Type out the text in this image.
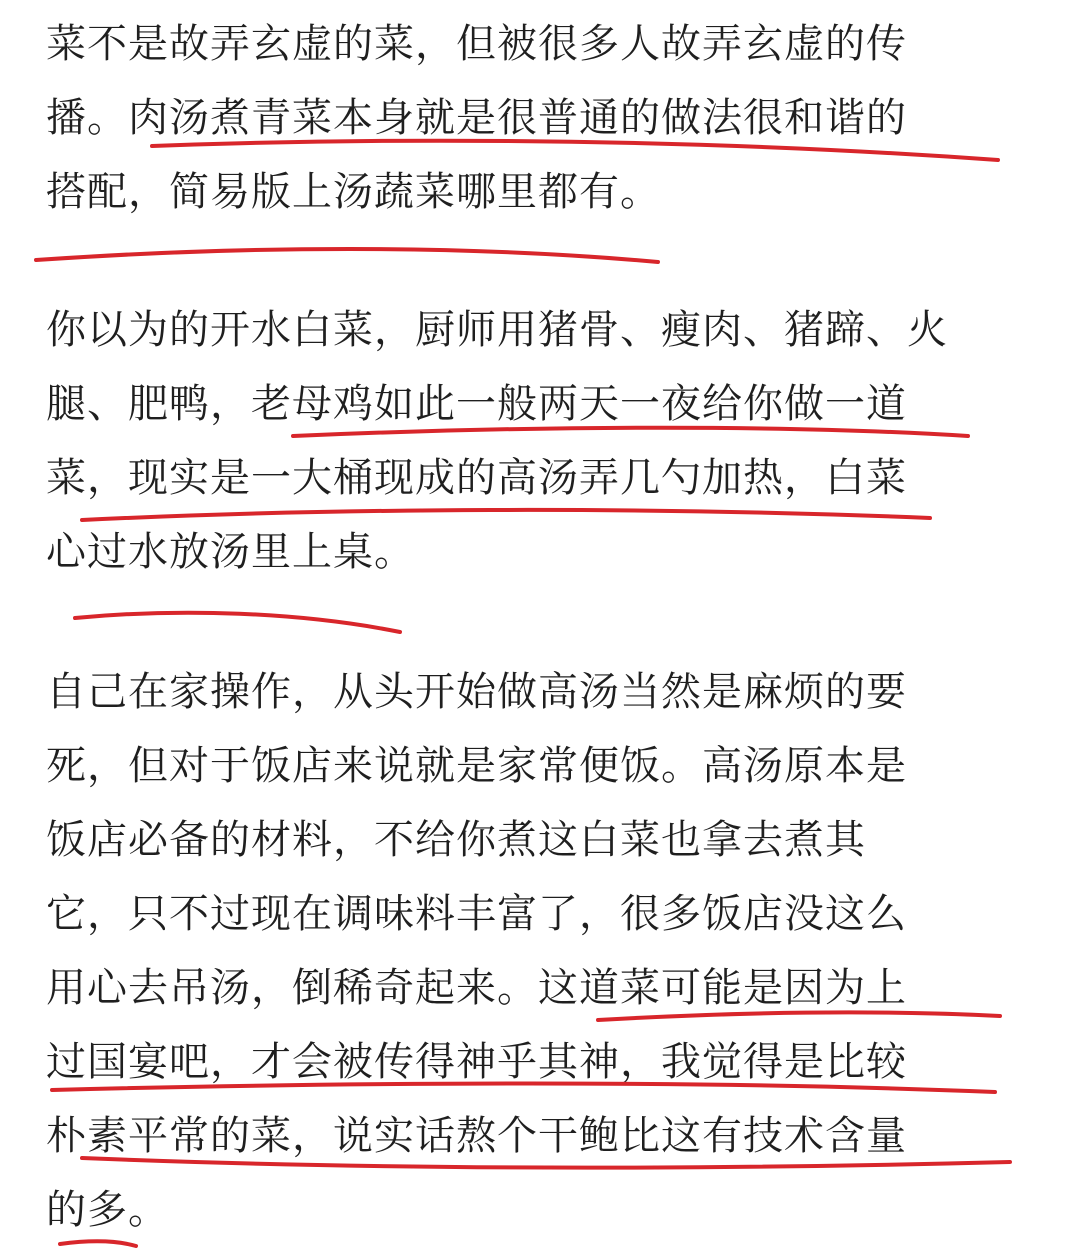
菜不是故弄玄虚的菜，但被很多人故弄玄虚的传
播。肉汤煮青菜本身就是很普通的做法很和谐的
搭配，简易版上汤蔬菜哪里都有。
你以为的开水白菜，厨师用猪骨、瘦肉、猪蹄、火
腿、肥鸭，老母鸡如此一般两天一夜给你做一道
菜，现实是一大桶现成的高汤弄几勺加热，白菜
心过水放汤里上桌。
自己在家操作，从头开始做高汤当然是麻烦的要
死，但对于饭店来说就是家常便饭。高汤原本是
饭店必备的材料，不给你煮这白菜也拿去煮其
它，只不过现在调味料丰富了，很多饭店没这么
用心去吊汤，倒稀奇起来。这道菜可能是因为上
过国宴吧，才会被传得神乎其神，我觉得是比较
朴素平常的菜，说实话熬个干鲍比这有技术含量
的多。
